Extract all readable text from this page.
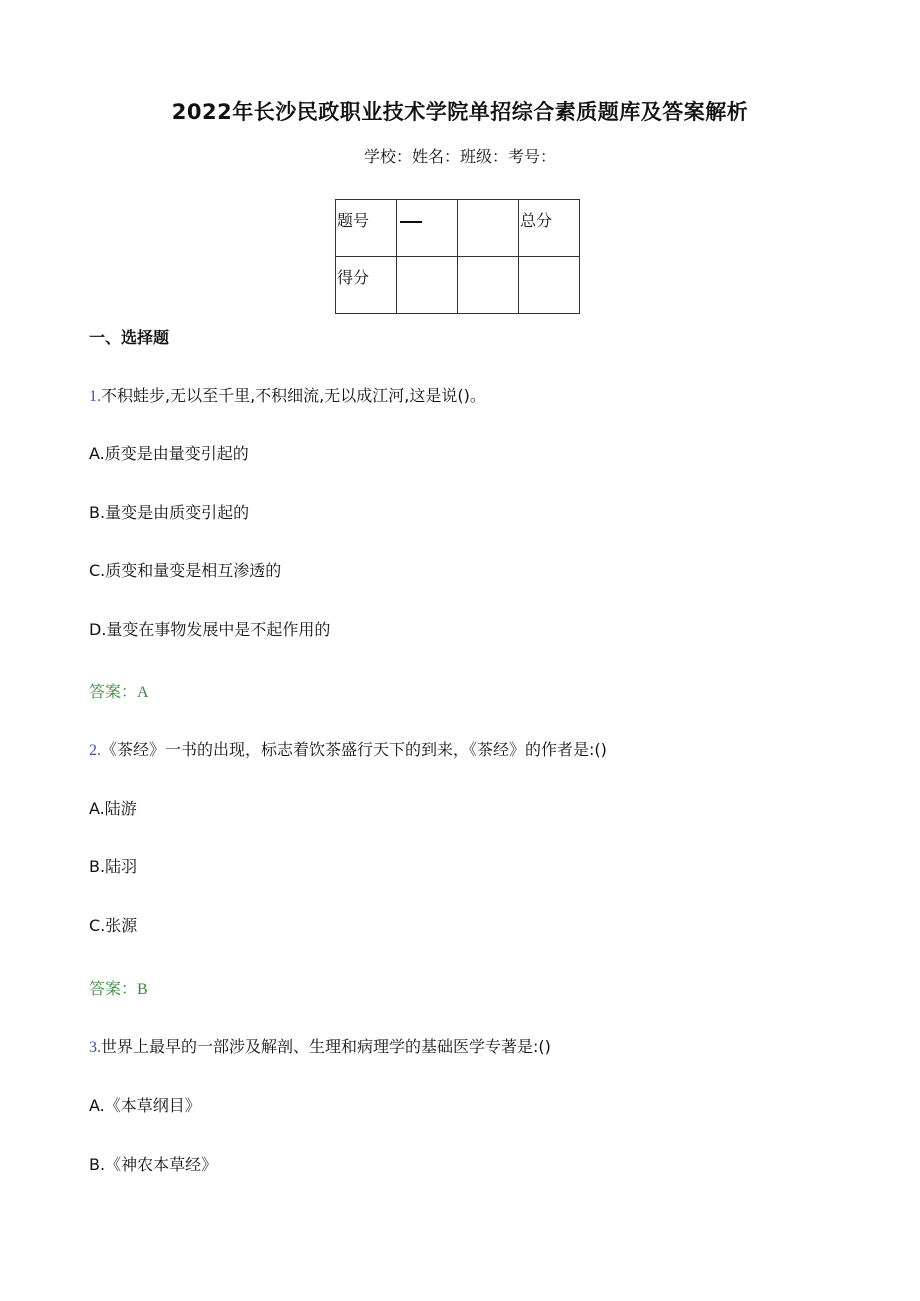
2022年长沙民政职业技术学院单招综合素质题库及答案解析
学校：姓名：班级：考号：
题号			总分
得分			
一、选择题
1.不积蛙步,无以至千里,不积细流,无以成江河,这是说()。
A.质变是由量变引起的
B.量变是由质变引起的
C.质变和量变是相互渗透的
D.量变在事物发展中是不起作用的
答案：A
2.《茶经》一书的出现，标志着饮茶盛行天下的到来，《茶经》的作者是:()
A.陆游
B.陆羽
C.张源
答案：B
3.世界上最早的一部涉及解剖、生理和病理学的基础医学专著是:()
A.《本草纲目》
B.《神农本草经》
